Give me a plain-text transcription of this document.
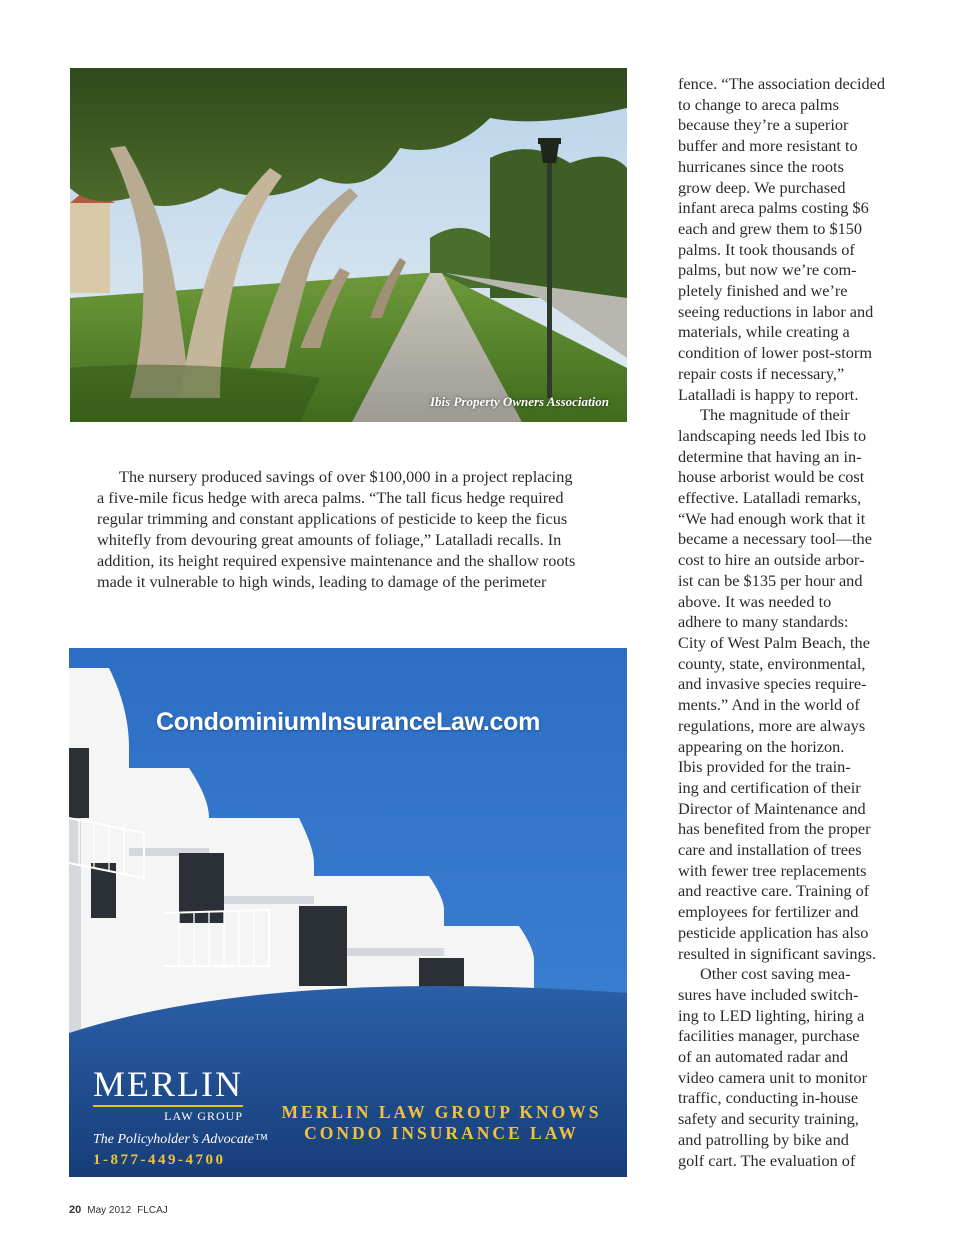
Ibis Property Owners Association
The nursery produced savings of over $100,000 in a project replacing
a five-mile ficus hedge with areca palms. “The tall ficus hedge required
regular trimming and constant applications of pesticide to keep the ficus
whitefly from devouring great amounts of foliage,” Latalladi recalls. In
addition, its height required expensive maintenance and the shallow roots
made it vulnerable to high winds, leading to damage of the perimeter
fence. “The association decided
to change to areca palms
because they’re a superior
buffer and more resistant to
hurricanes since the roots
grow deep. We purchased
infant areca palms costing $6
each and grew them to $150
palms. It took thousands of
palms, but now we’re com-
pletely finished and we’re
seeing reductions in labor and
materials, while creating a
condition of lower post-storm
repair costs if necessary,”
Latalladi is happy to report.
The magnitude of their
landscaping needs led Ibis to
determine that having an in-
house arborist would be cost
effective. Latalladi remarks,
“We had enough work that it
became a necessary tool—the
cost to hire an outside arbor-
ist can be $135 per hour and
above. It was needed to
adhere to many standards:
City of West Palm Beach, the
county, state, environmental,
and invasive species require-
ments.” And in the world of
regulations, more are always
appearing on the horizon.
Ibis provided for the train-
ing and certification of their
Director of Maintenance and
has benefited from the proper
care and installation of trees
with fewer tree replacements
and reactive care. Training of
employees for fertilizer and
pesticide application has also
resulted in significant savings.
Other cost saving mea-
sures have included switch-
ing to LED lighting, hiring a
facilities manager, purchase
of an automated radar and
video camera unit to monitor
traffic, conducting in-house
safety and security training,
and patrolling by bike and
golf cart. The evaluation of
CondominiumInsuranceLaw.com
MERLIN
LAW GROUP
The Policyholder’s Advocate™
1-877-449-4700
MERLIN LAW GROUP KNOWS
CONDO INSURANCE LAW
20 May 2012 FLCAJ
